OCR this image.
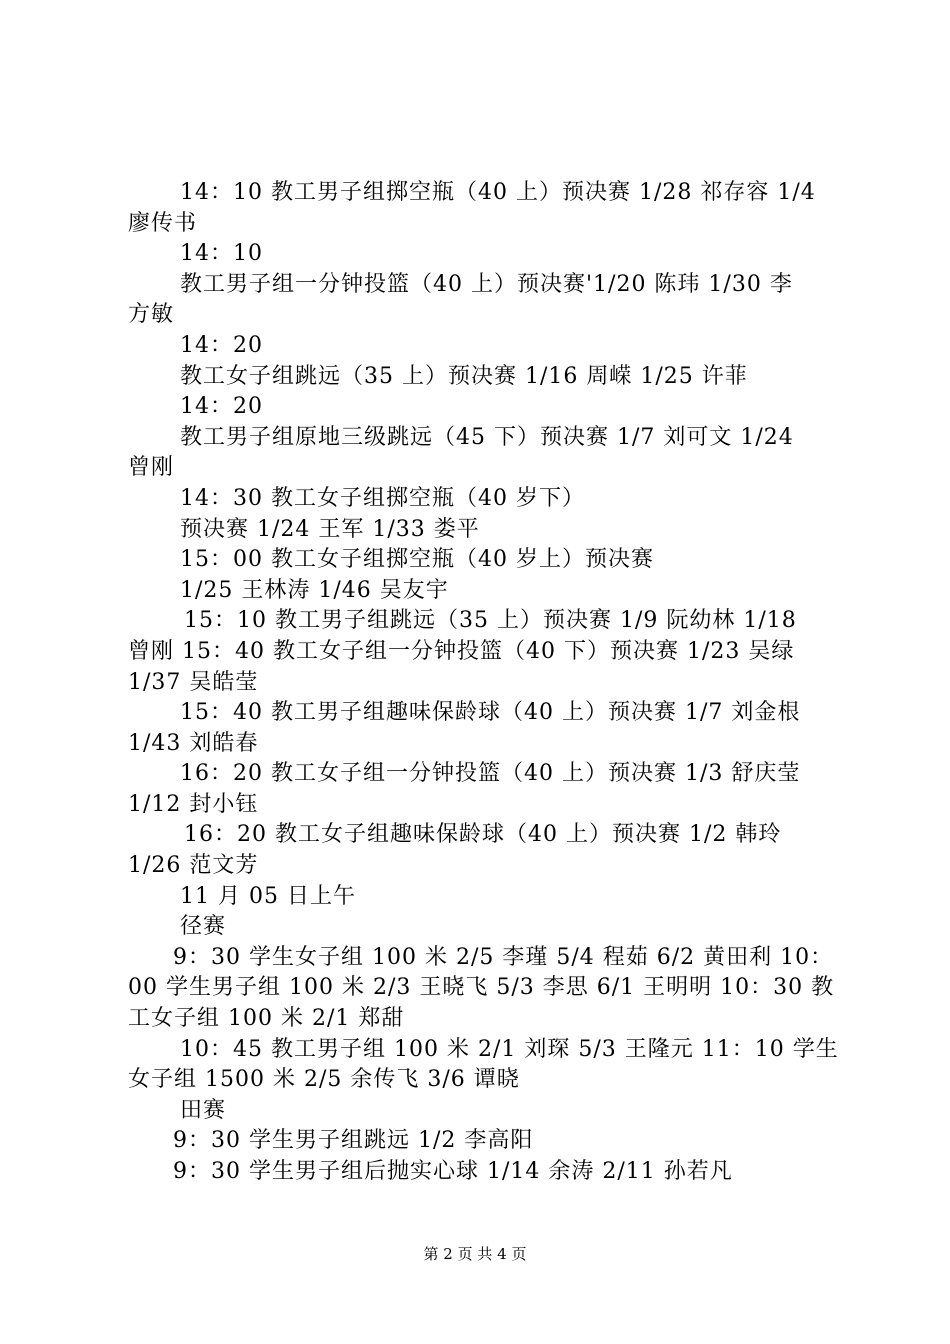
14：10 教工男子组掷空瓶（40 上）预决赛 1/28 祁存容 1/4
廖传书
14：10
教工男子组一分钟投篮（40 上）预决赛'1/20 陈玮 1/30 李
方敏
14：20
教工女子组跳远（35 上）预决赛 1/16 周嵘 1/25 许菲
14：20
教工男子组原地三级跳远（45 下）预决赛 1/7 刘可文 1/24
曾刚
14：30 教工女子组掷空瓶（40 岁下）
预决赛 1/24 王军 1/33 娄平
15：00 教工女子组掷空瓶（40 岁上）预决赛
1/25 王林涛 1/46 吴友宇
15：10 教工男子组跳远（35 上）预决赛 1/9 阮幼林 1/18
曾刚 15：40 教工女子组一分钟投篮（40 下）预决赛 1/23 吴绿
1/37 吴皓莹
15：40 教工男子组趣味保龄球（40 上）预决赛 1/7 刘金根
1/43 刘皓春
16：20 教工女子组一分钟投篮（40 上）预决赛 1/3 舒庆莹
1/12 封小钰
16：20 教工女子组趣味保龄球（40 上）预决赛 1/2 韩玲
1/26 范文芳
11 月 05 日上午
径赛
9：30 学生女子组 100 米 2/5 李瑾 5/4 程茹 6/2 黄田利 10：
00 学生男子组 100 米 2/3 王晓飞 5/3 李思 6/1 王明明 10：30 教
工女子组 100 米 2/1 郑甜
10：45 教工男子组 100 米 2/1 刘琛 5/3 王隆元 11：10 学生
女子组 1500 米 2/5 余传飞 3/6 谭晓
田赛
9：30 学生男子组跳远 1/2 李高阳
9：30 学生男子组后抛实心球 1/14 余涛 2/11 孙若凡
第 2 页 共 4 页
